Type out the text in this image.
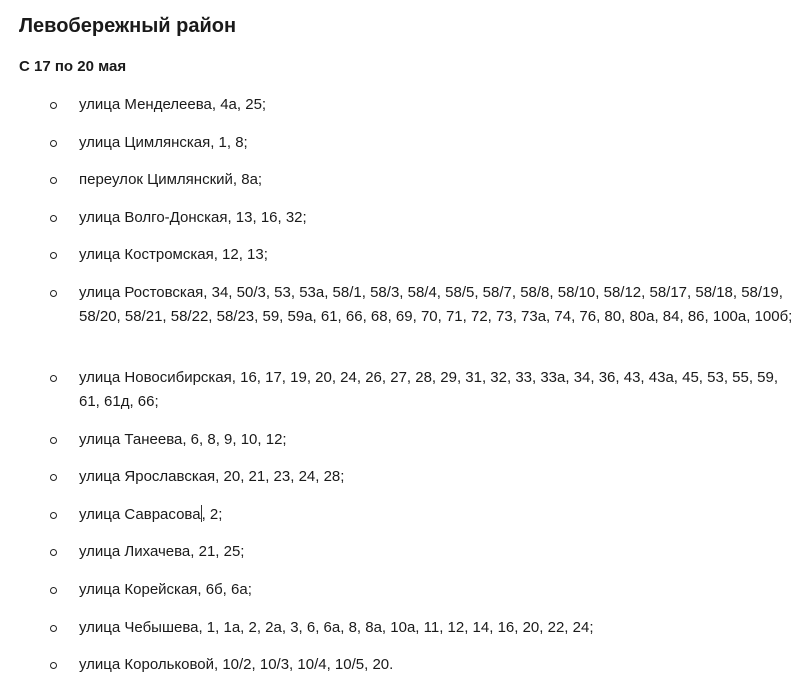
Левобережный район
С 17 по 20 мая
улица Менделеева, 4а, 25;
улица Цимлянская, 1, 8;
переулок Цимлянский, 8а;
улица Волго-Донская, 13, 16, 32;
улица Костромская, 12, 13;
улица Ростовская, 34, 50/3, 53, 53а, 58/1, 58/3, 58/4, 58/5, 58/7, 58/8, 58/10, 58/12, 58/17, 58/18, 58/19, 58/20, 58/21, 58/22, 58/23, 59, 59а, 61, 66, 68, 69, 70, 71, 72, 73, 73а, 74, 76, 80, 80а, 84, 86, 100а, 100б;
улица Новосибирская, 16, 17, 19, 20, 24, 26, 27, 28, 29, 31, 32, 33, 33а, 34, 36, 43, 43а, 45, 53, 55, 59, 61, 61д, 66;
улица Танеева, 6, 8, 9, 10, 12;
улица Ярославская, 20, 21, 23, 24, 28;
улица Саврасова, 2;
улица Лихачева, 21, 25;
улица Корейская, 6б, 6а;
улица Чебышева, 1, 1а, 2, 2а, 3, 6, 6а, 8, 8а, 10а, 11, 12, 14, 16, 20, 22, 24;
улица Корольковой, 10/2, 10/3, 10/4, 10/5, 20.
